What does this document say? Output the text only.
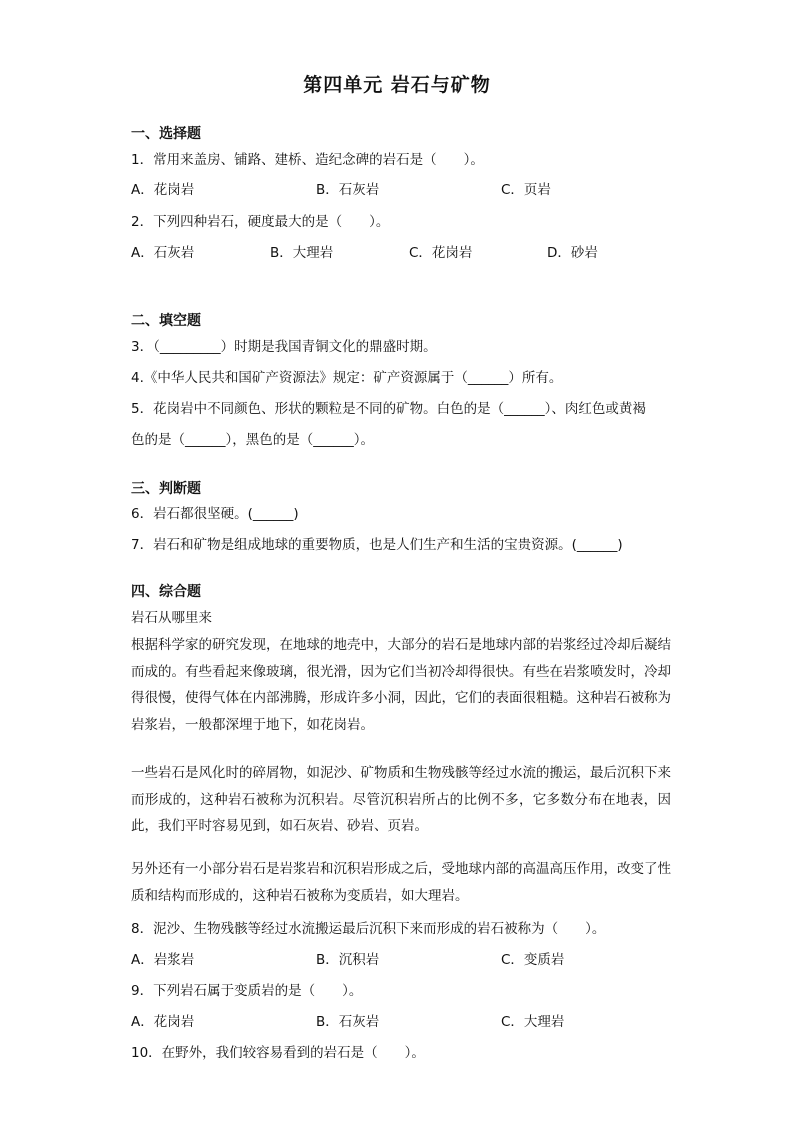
第四单元 岩石与矿物
一、选择题
1．常用来盖房、铺路、建桥、造纪念碑的岩石是（　　）。
A．花岗岩	B．石灰岩	C．页岩
2．下列四种岩石，硬度最大的是（　　）。
A．石灰岩	B．大理岩	C．花岗岩	D．砂岩
二、填空题
3．（_________）时期是我国青铜文化的鼎盛时期。
4.《中华人民共和国矿产资源法》规定：矿产资源属于（______）所有。
5．花岗岩中不同颜色、形状的颗粒是不同的矿物。白色的是（______）、肉红色或黄褐
色的是（______），黑色的是（______）。
三、判断题
6．岩石都很坚硬。(______)
7．岩石和矿物是组成地球的重要物质，也是人们生产和生活的宝贵资源。(______)
四、综合题
岩石从哪里来
根据科学家的研究发现，在地球的地壳中，大部分的岩石是地球内部的岩浆经过冷却后凝结而成的。有些看起来像玻璃，很光滑，因为它们当初冷却得很快。有些在岩浆喷发时，冷却得很慢，使得气体在内部沸腾，形成许多小洞，因此，它们的表面很粗糙。这种岩石被称为岩浆岩，一般都深埋于地下，如花岗岩。
一些岩石是风化时的碎屑物，如泥沙、矿物质和生物残骸等经过水流的搬运，最后沉积下来而形成的，这种岩石被称为沉积岩。尽管沉积岩所占的比例不多，它多数分布在地表，因此，我们平时容易见到，如石灰岩、砂岩、页岩。
另外还有一小部分岩石是岩浆岩和沉积岩形成之后，受地球内部的高温高压作用，改变了性质和结构而形成的，这种岩石被称为变质岩，如大理岩。
8．泥沙、生物残骸等经过水流搬运最后沉积下来而形成的岩石被称为（　　）。
A．岩浆岩	B．沉积岩	C．变质岩
9．下列岩石属于变质岩的是（　　）。
A．花岗岩	B．石灰岩	C．大理岩
10．在野外，我们较容易看到的岩石是（　　）。
